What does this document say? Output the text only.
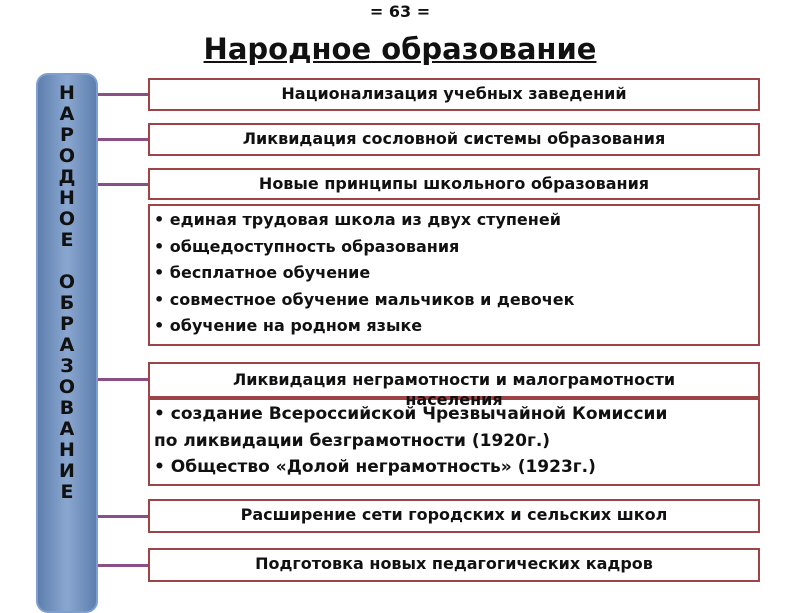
= 63 =
Н
А
Р
О
Д
Н
О
Е
О
Б
Р
А
З
О
В
А
Н
И
Е
Национализация учебных заведений
Народное образование
Ликвидация сословной системы образования
Новые принципы школьного образования
• единая трудовая школа из двух ступеней
• общедоступность образования
• бесплатное обучение
• совместное обучение мальчиков и девочек
• обучение на родном языке
Ликвидация неграмотности и малограмотности
• создание Всероссийской Чрезвычайной Комиссии
по ликвидации безграмотности (1920г.)
• Общество «Долой неграмотность» (1923г.)
населения
Расширение сети городских и сельских школ
Подготовка новых педагогических кадров
